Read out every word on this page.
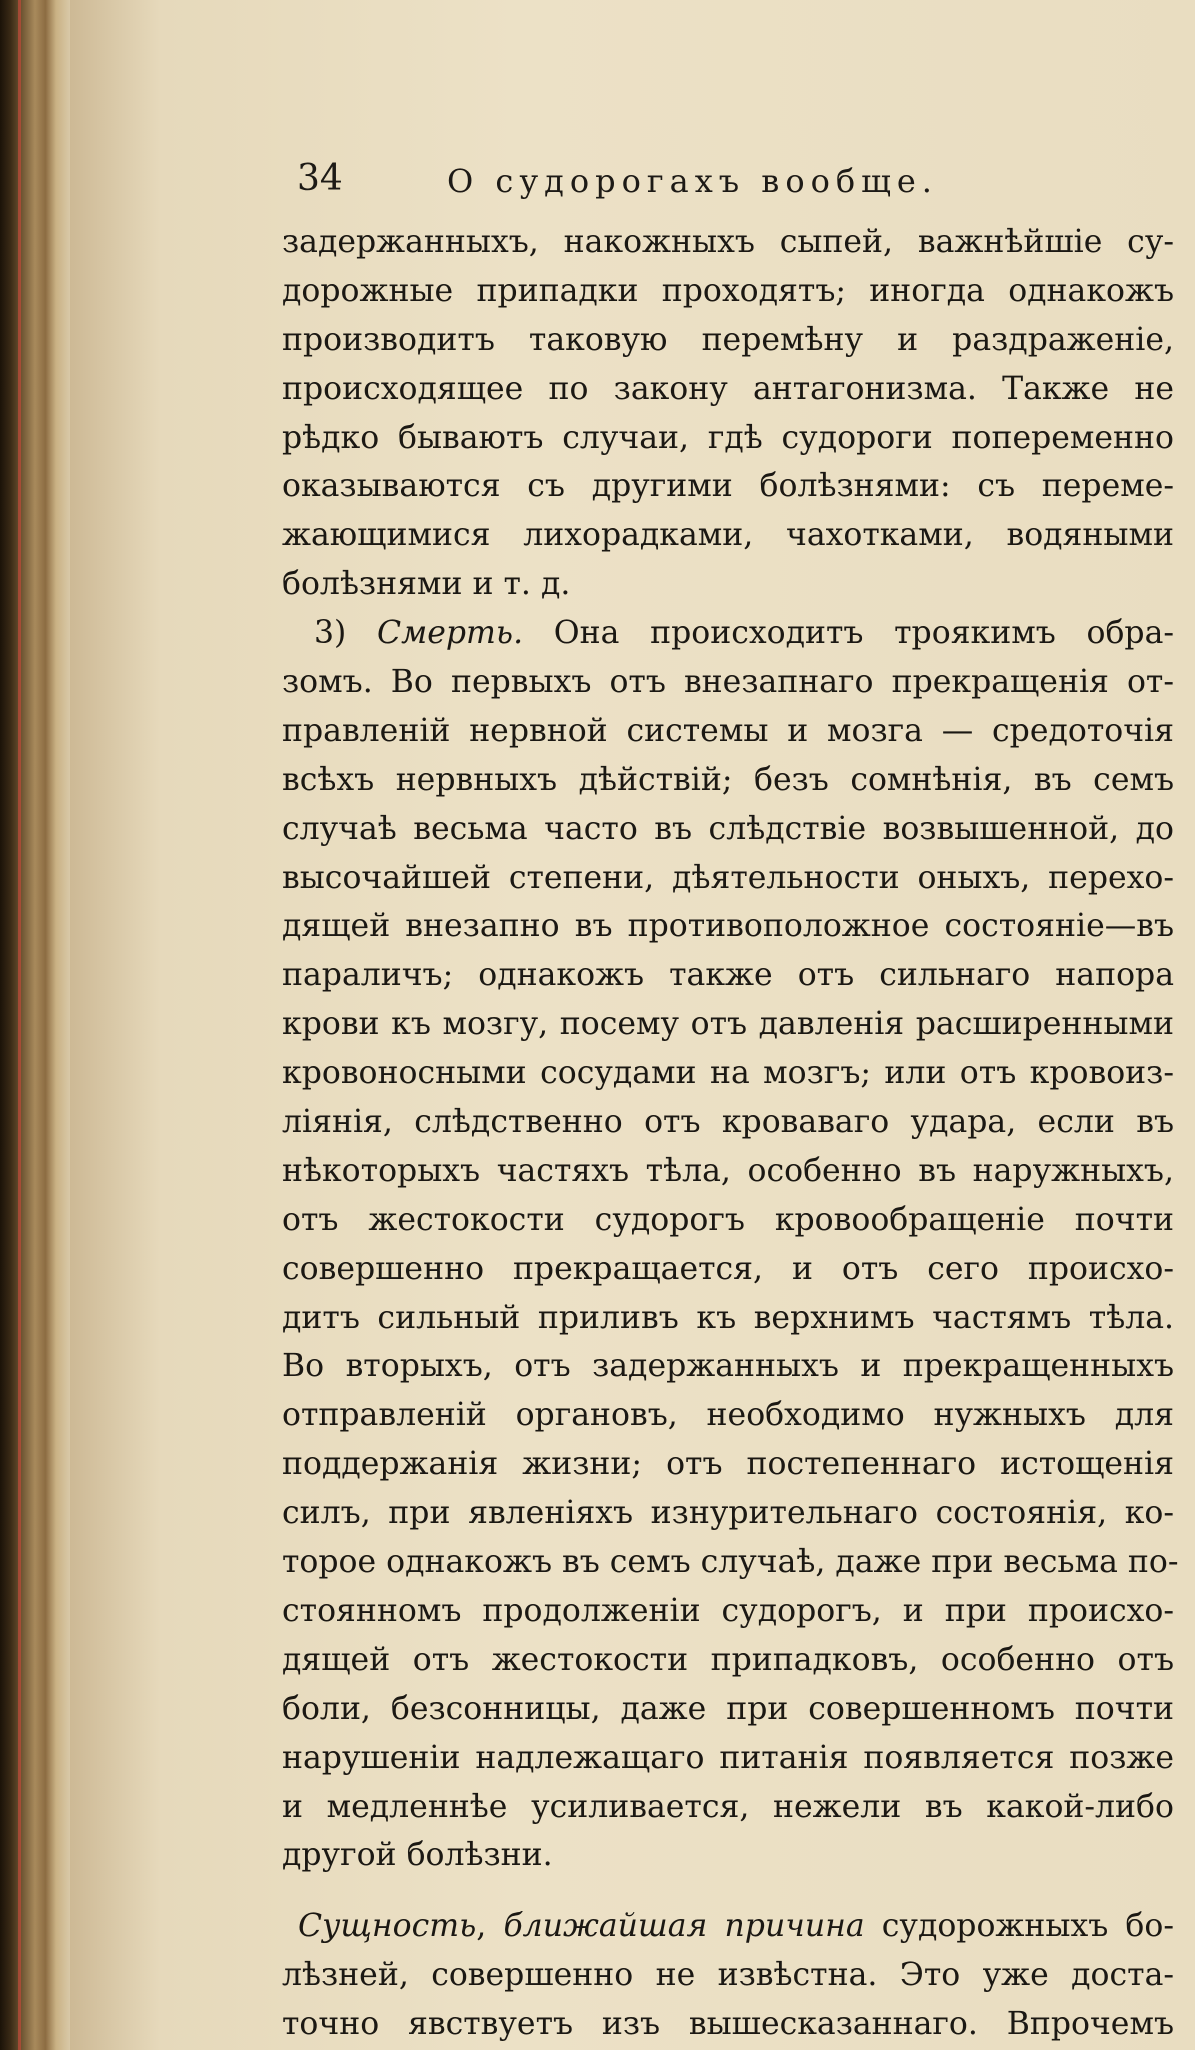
34	О судорогахъ вообще.
задержанныхъ, накожныхъ сыпей, важнѣйшіе су-
дорожные припадки проходятъ; иногда однакожъ
производитъ таковую перемѣну и раздраженіе,
происходящее по закону антагонизма. Также не
рѣдко бываютъ случаи, гдѣ судороги попеременно
оказываются съ другими болѣзнями: съ переме-
жающимися лихорадками, чахотками, водяными
болѣзнями и т. д.
3) Смерть. Она происходитъ троякимъ обра-
зомъ. Во первыхъ отъ внезапнаго прекращенія от-
правленій нервной системы и мозга — средоточія
всѣхъ нервныхъ дѣйствій; безъ сомнѣнія, въ семъ
случаѣ весьма часто въ слѣдствіе возвышенной, до
высочайшей степени, дѣятельности оныхъ, перехо-
дящей внезапно въ противоположное состояніе—въ
параличъ; однакожъ также отъ сильнаго напора
крови къ мозгу, посему отъ давленія расширенными
кровоносными сосудами на мозгъ; или отъ кровоиз-
ліянія, слѣдственно отъ кроваваго удара, если въ
нѣкоторыхъ частяхъ тѣла, особенно въ наружныхъ,
отъ жестокости судорогъ кровообращеніе почти
совершенно прекращается, и отъ сего происхо-
дитъ сильный приливъ къ верхнимъ частямъ тѣла.
Во вторыхъ, отъ задержанныхъ и прекращенныхъ
отправленій органовъ, необходимо нужныхъ для
поддержанія жизни; отъ постепеннаго истощенія
силъ, при явленіяхъ изнурительнаго состоянія, ко-
торое однакожъ въ семъ случаѣ, даже при весьма по-
стоянномъ продолженіи судорогъ, и при происхо-
дящей отъ жестокости припадковъ, особенно отъ
боли, безсонницы, даже при совершенномъ почти
нарушеніи надлежащаго питанія появляется позже
и медленнѣе усиливается, нежели въ какой-либо
другой болѣзни.
Сущность, ближайшая причина судорожныхъ бо-
лѣзней, совершенно не извѣстна. Это уже доста-
точно явствуетъ изъ вышесказаннаго. Впрочемъ
